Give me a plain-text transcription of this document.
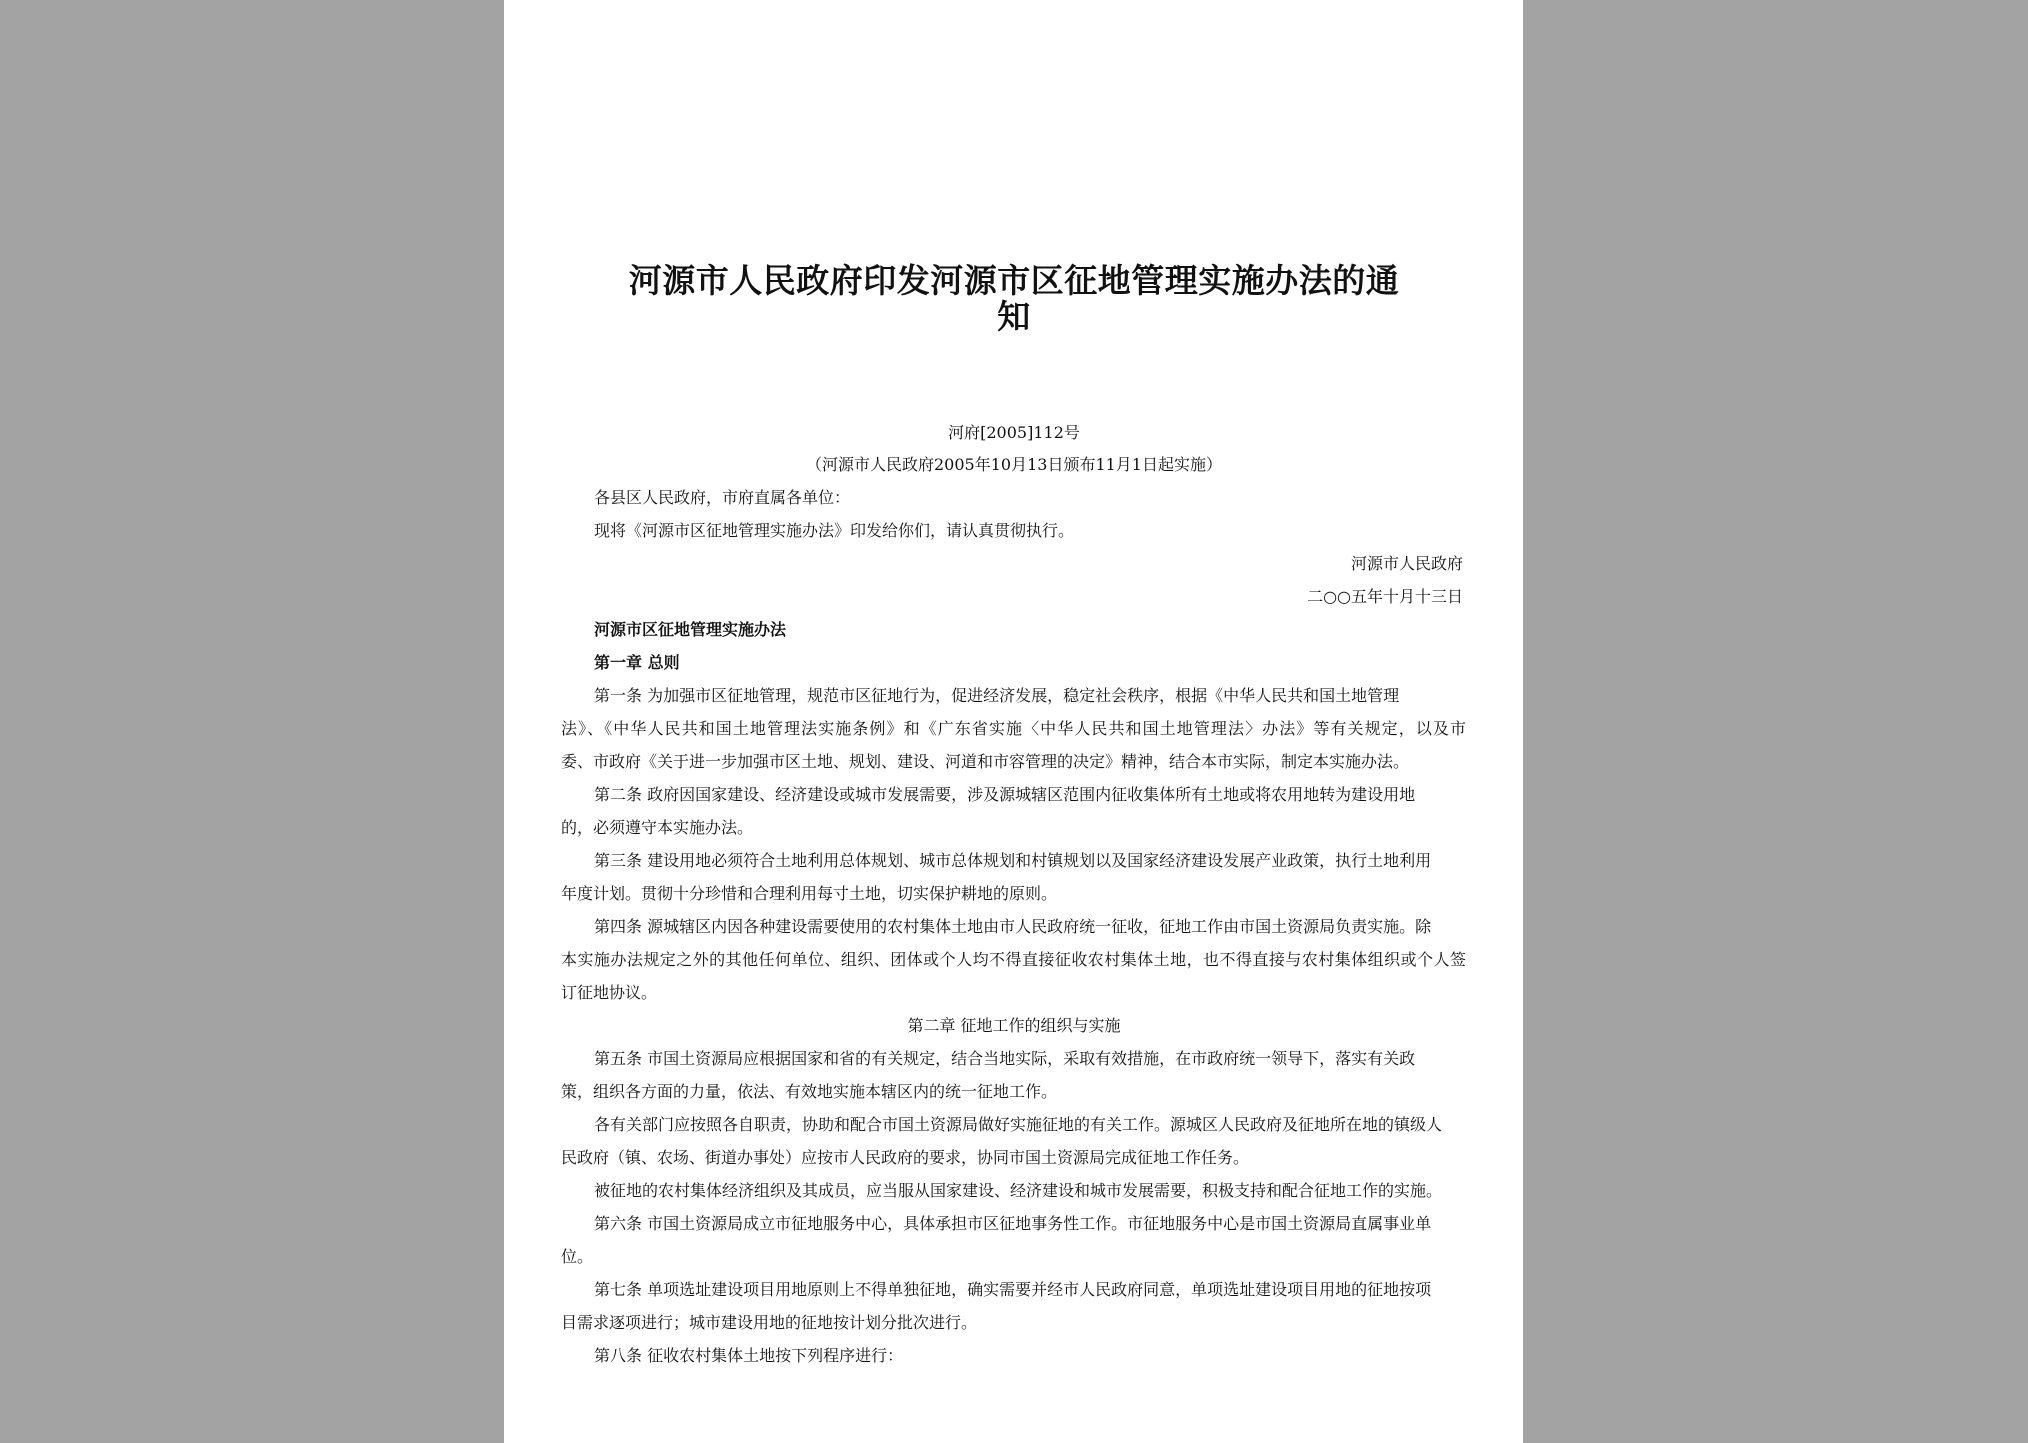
河源市人民政府印发河源市区征地管理实施办法的通
知
河府[2005]112号
（河源市人民政府2005年10月13日颁布11月1日起实施）
各县区人民政府，市府直属各单位：
现将《河源市区征地管理实施办法》印发给你们，请认真贯彻执行。
河源市人民政府
二○○五年十月十三日
河源市区征地管理实施办法
第一章 总则
第一条 为加强市区征地管理，规范市区征地行为，促进经济发展，稳定社会秩序，根据《中华人民共和国土地管理
法》、《中华人民共和国土地管理法实施条例》和《广东省实施〈中华人民共和国土地管理法〉办法》等有关规定，以及市
委、市政府《关于进一步加强市区土地、规划、建设、河道和市容管理的决定》精神，结合本市实际，制定本实施办法。
第二条 政府因国家建设、经济建设或城市发展需要，涉及源城辖区范围内征收集体所有土地或将农用地转为建设用地
的，必须遵守本实施办法。
第三条 建设用地必须符合土地利用总体规划、城市总体规划和村镇规划以及国家经济建设发展产业政策，执行土地利用
年度计划。贯彻十分珍惜和合理利用每寸土地，切实保护耕地的原则。
第四条 源城辖区内因各种建设需要使用的农村集体土地由市人民政府统一征收，征地工作由市国土资源局负责实施。除
本实施办法规定之外的其他任何单位、组织、团体或个人均不得直接征收农村集体土地，也不得直接与农村集体组织或个人签
订征地协议。
第二章 征地工作的组织与实施
第五条 市国土资源局应根据国家和省的有关规定，结合当地实际，采取有效措施，在市政府统一领导下，落实有关政
策，组织各方面的力量，依法、有效地实施本辖区内的统一征地工作。
各有关部门应按照各自职责，协助和配合市国土资源局做好实施征地的有关工作。源城区人民政府及征地所在地的镇级人
民政府（镇、农场、街道办事处）应按市人民政府的要求，协同市国土资源局完成征地工作任务。
被征地的农村集体经济组织及其成员，应当服从国家建设、经济建设和城市发展需要，积极支持和配合征地工作的实施。
第六条 市国土资源局成立市征地服务中心，具体承担市区征地事务性工作。市征地服务中心是市国土资源局直属事业单
位。
第七条 单项选址建设项目用地原则上不得单独征地，确实需要并经市人民政府同意，单项选址建设项目用地的征地按项
目需求逐项进行；城市建设用地的征地按计划分批次进行。
第八条 征收农村集体土地按下列程序进行：
